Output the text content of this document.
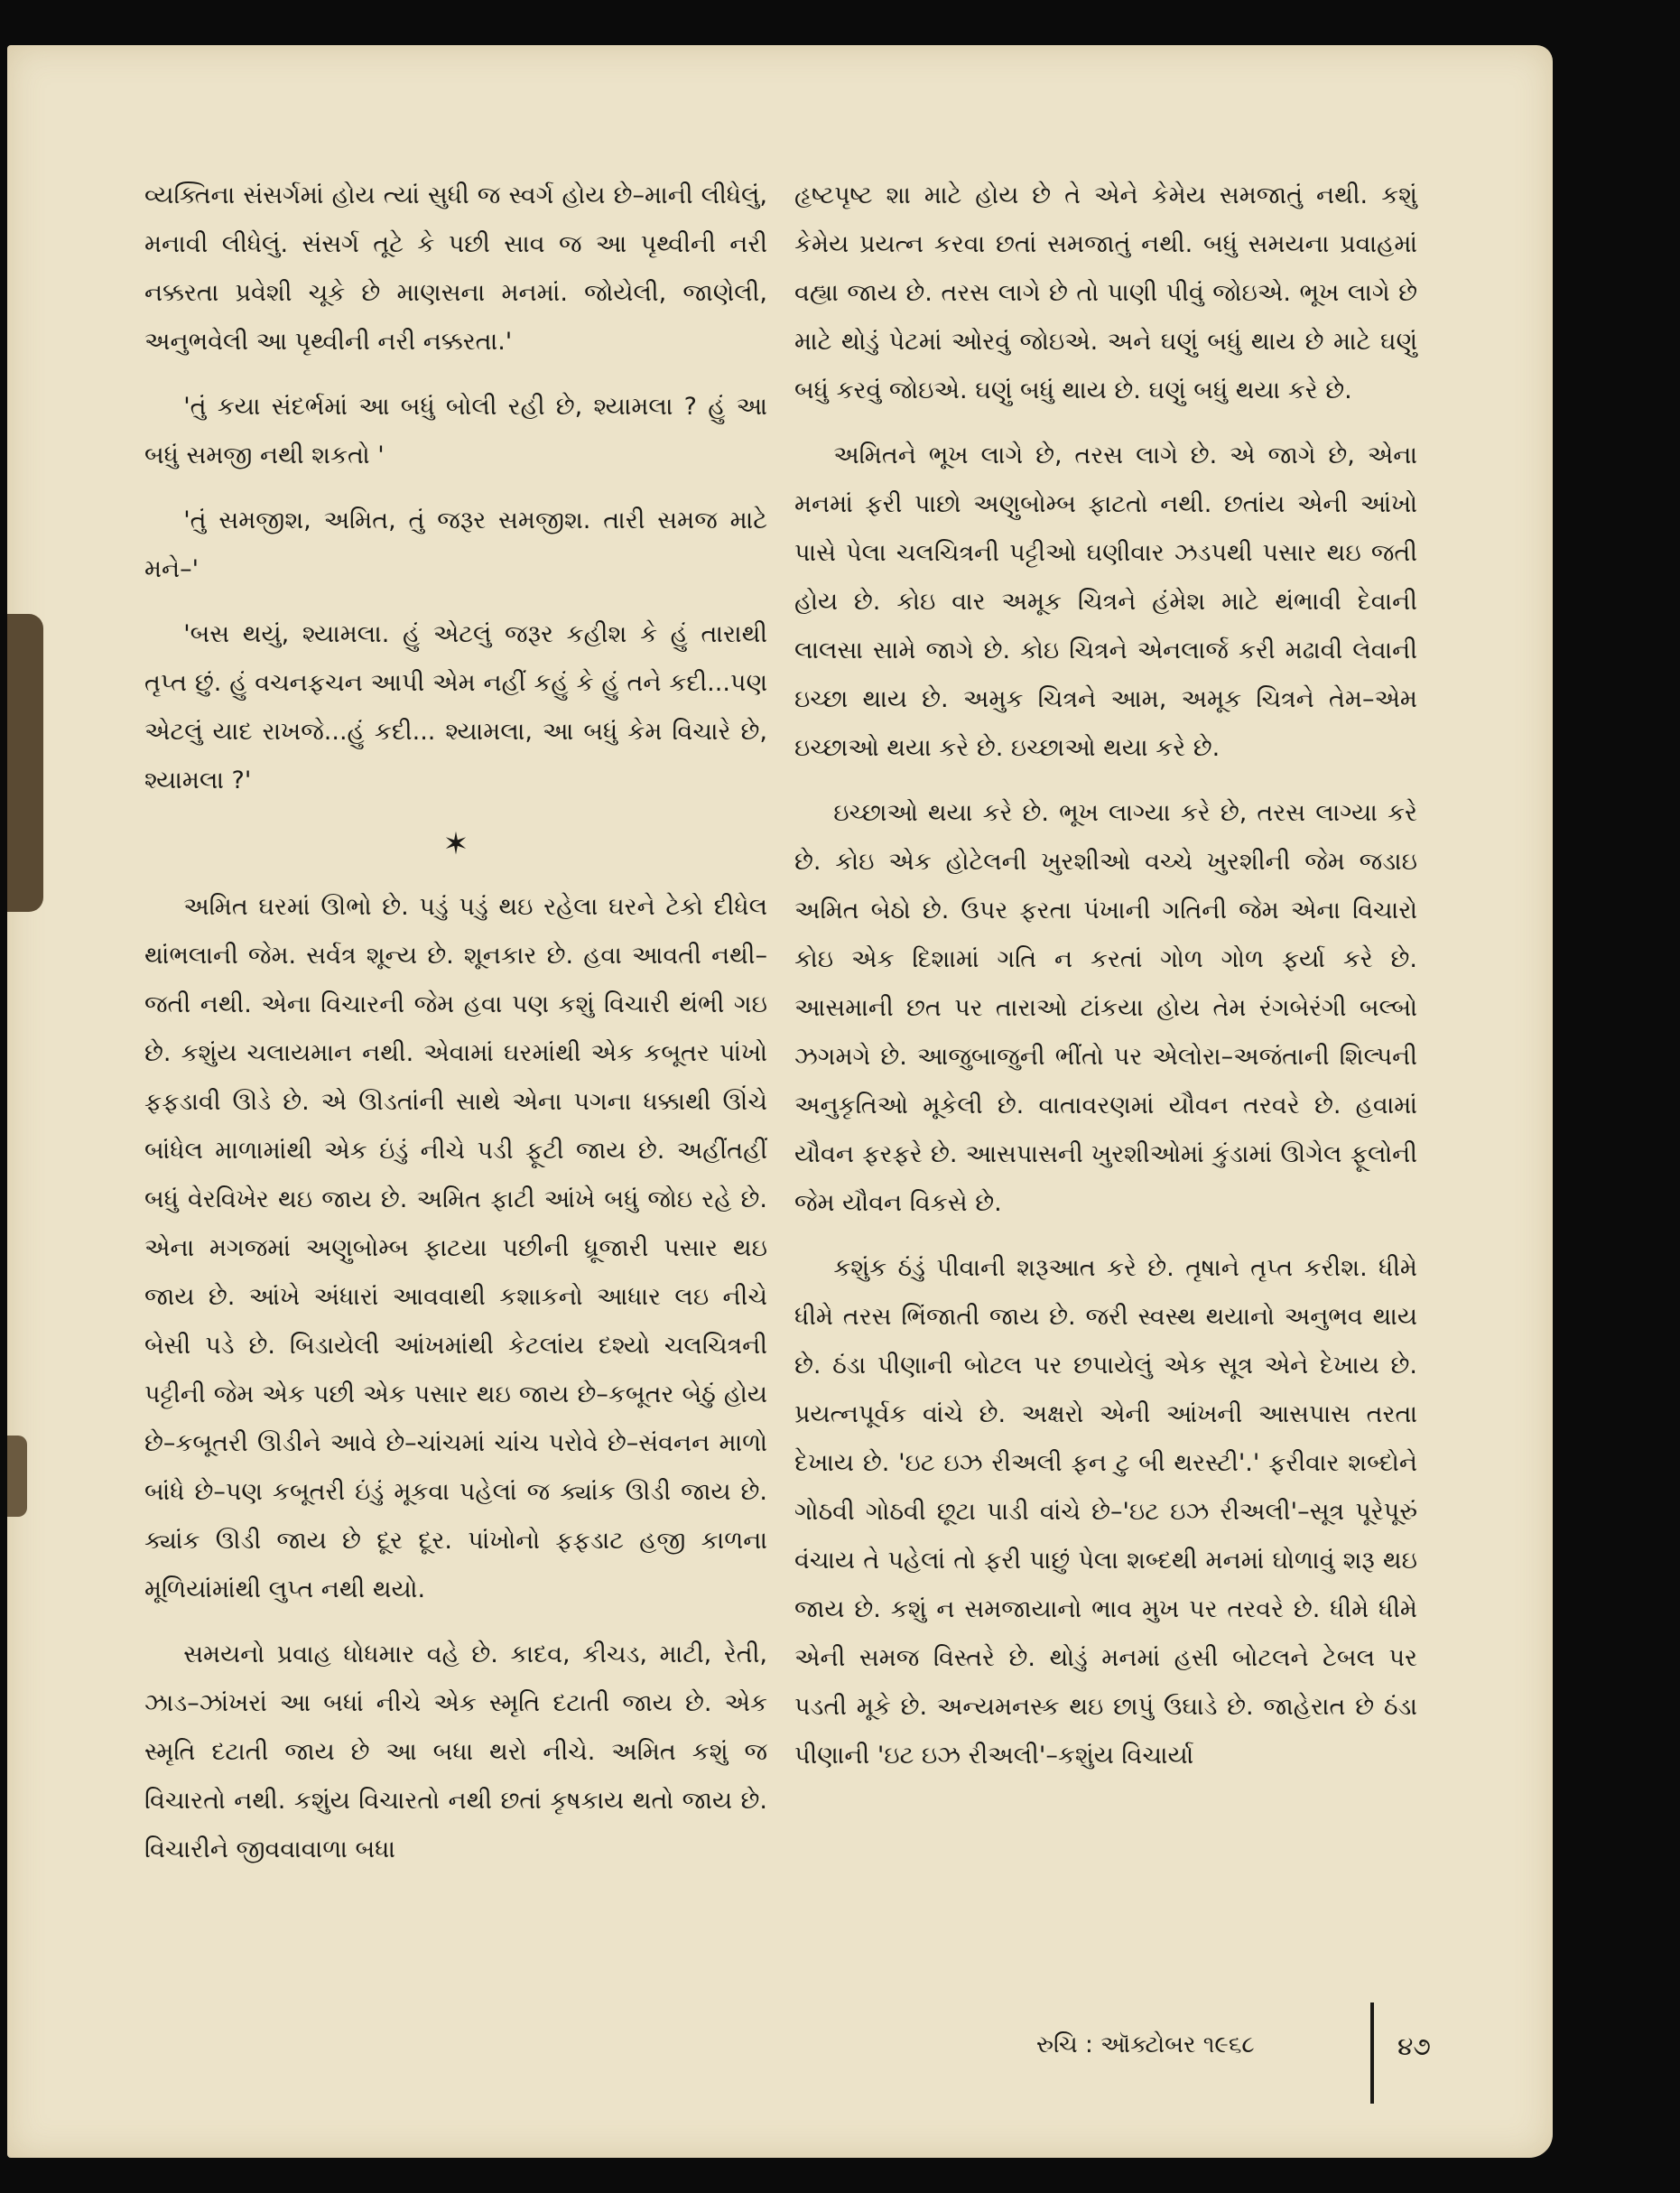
વ્યક્તિના સંસર્ગમાં હોય ત્યાં સુધી જ સ્વર્ગ હોય છે–માની લીધેલું, મનાવી લીધેલું. સંસર્ગ તૂટે કે પછી સાવ જ આ પૃથ્વીની નરી નક્કરતા પ્રવેશી ચૂકે છે માણસના મનમાં. જોયેલી, જાણેલી, અનુભવેલી આ પૃથ્વીની નરી નક્કરતા.'

'તું કયા સંદર્ભમાં આ બધું બોલી રહી છે, શ્યામલા ? હું આ બધું સમજી નથી શકતો '

'તું સમજીશ, અમિત, તું જરૂર સમજીશ. તારી સમજ માટે મને–'

'બસ થયું, શ્યામલા. હું એટલું જરૂર કહીશ કે હું તારાથી તૃપ્ત છું. હું વચનફચન આપી એમ નહીં કહું કે હું તને કદી...પણ એટલું યાદ રાખજે...હું કદી... શ્યામલા, આ બધું કેમ વિચારે છે, શ્યામલા ?'

✶

અમિત ઘરમાં ઊભો છે. પડું પડું થઇ રહેલા ઘરને ટેકો દીધેલ થાંભલાની જેમ. સર્વત્ર શૂન્ય છે. શૂનકાર છે. હવા આવતી નથી–જતી નથી. એના વિચારની જેમ હવા પણ કશું વિચારી થંભી ગઇ છે. કશુંય ચલાયમાન નથી. એવામાં ઘરમાંથી એક કબૂતર પાંખો ફફડાવી ઊડે છે. એ ઊડતાંની સાથે એના પગના ધક્કાથી ઊંચે બાંધેલ માળામાંથી એક ઇંડું નીચે પડી ફૂટી જાય છે. અહીંતહીં બધું વેરવિખેર થઇ જાય છે. અમિત ફાટી આંખે બધું જોઇ રહે છે. એના મગજમાં અણુબોમ્બ ફાટયા પછીની ધ્રૂજારી પસાર થઇ જાય છે. આંખે અંધારાં આવવાથી કશાકનો આધાર લઇ નીચે બેસી પડે છે. બિડાયેલી આંખમાંથી કેટલાંય દશ્યો ચલચિત્રની પટ્ટીની જેમ એક પછી એક પસાર થઇ જાય છે–કબૂતર બેઠું હોય છે–કબૂતરી ઊડીને આવે છે–ચાંચમાં ચાંચ પરોવે છે–સંવનન માળો બાંધે છે–પણ કબૂતરી ઇંડું મૂકવા પહેલાં જ ક્યાંક ઊડી જાય છે. ક્યાંક ઊડી જાય છે દૂર દૂર. પાંખોનો ફફડાટ હજી કાળના મૂળિયાંમાંથી લુપ્ત નથી થયો.

સમયનો પ્રવાહ ધોધમાર વહે છે. કાદવ, કીચડ, માટી, રેતી, ઝાડ–ઝાંખરાં આ બધાં નીચે એક સ્મૃતિ દટાતી જાય છે. એક સ્મૃતિ દટાતી જાય છે આ બધા થરો નીચે. અમિત કશું જ વિચારતો નથી. કશુંય વિચારતો નથી છતાં કૃષકાય થતો જાય છે. વિચારીને જીવવાવાળા બધા

હૃષ્ટપૃષ્ટ શા માટે હોય છે તે એને કેમેય સમજાતું નથી. કશું કેમેય પ્રયત્ન કરવા છતાં સમજાતું નથી. બધું સમયના પ્રવાહમાં વહ્યા જાય છે. તરસ લાગે છે તો પાણી પીવું જોઇએ. ભૂખ લાગે છે માટે થોડું પેટમાં ઓરવું જોઇએ. અને ઘણું બધું થાય છે માટે ઘણું બધું કરવું જોઇએ. ઘણું બધું થાય છે. ઘણું બધું થયા કરે છે.

અમિતને ભૂખ લાગે છે, તરસ લાગે છે. એ જાગે છે, એના મનમાં ફરી પાછો અણુબોમ્બ ફાટતો નથી. છતાંય એની આંખો પાસે પેલા ચલચિત્રની પટ્ટીઓ ઘણીવાર ઝડપથી પસાર થઇ જતી હોય છે. કોઇ વાર અમૂક ચિત્રને હંમેશ માટે થંભાવી દેવાની લાલસા સામે જાગે છે. કોઇ ચિત્રને એનલાર્જ કરી મઢાવી લેવાની ઇચ્છા થાય છે. અમુક ચિત્રને આમ, અમૂક ચિત્રને તેમ–એમ ઇચ્છાઓ થયા કરે છે. ઇચ્છાઓ થયા કરે છે.

ઇચ્છાઓ થયા કરે છે. ભૂખ લાગ્યા કરે છે, તરસ લાગ્યા કરે છે. કોઇ એક હોટેલની ખુરશીઓ વચ્ચે ખુરશીની જેમ જડાઇ અમિત બેઠો છે. ઉપર ફરતા પંખાની ગતિની જેમ એના વિચારો કોઇ એક દિશામાં ગતિ ન કરતાં ગોળ ગોળ ફર્યા કરે છે. આસમાની છત પર તારાઓ ટાંકયા હોય તેમ રંગબેરંગી બલ્બો ઝગમગે છે. આજુબાજુની ભીંતો પર એલોરા–અજંતાની શિલ્પની અનુકૃતિઓ મૂકેલી છે. વાતાવરણમાં યૌવન તરવરે છે. હવામાં યૌવન ફરફરે છે. આસપાસની ખુરશીઓમાં કુંડામાં ઊગેલ ફૂલોની જેમ યૌવન વિકસે છે.

કશુંક ઠંડું પીવાની શરૂઆત કરે છે. તૃષાને તૃપ્ત કરીશ. ધીમે ધીમે તરસ ભિંજાતી જાય છે. જરી સ્વસ્થ થયાનો અનુભવ થાય છે. ઠંડા પીણાની બોટલ પર છપાયેલું એક સૂત્ર એને દેખાય છે. પ્રયત્નપૂર્વક વાંચે છે. અક્ષરો એની આંખની આસપાસ તરતા દેખાય છે. 'ઇટ ઇઝ રીઅલી ફન ટુ બી થરસ્ટી'.' ફરીવાર શબ્દોને ગોઠવી ગોઠવી છૂટા પાડી વાંચે છે–'ઇટ ઇઝ રીઅલી'–સૂત્ર પૂરેપૂરું વંચાય તે પહેલાં તો ફરી પાછું પેલા શબ્દથી મનમાં ઘોળાવું શરૂ થઇ જાય છે. કશું ન સમજાયાનો ભાવ મુખ પર તરવરે છે. ધીમે ધીમે એની સમજ વિસ્તરે છે. થોડું મનમાં હસી બોટલને ટેબલ પર પડતી મૂકે છે. અન્યમનસ્ક થઇ છાપું ઉઘાડે છે. જાહેરાત છે ઠંડા પીણાની 'ઇટ ઇઝ રીઅલી'–કશુંય વિચાર્યા

રુચિ : ઑક્ટોબર ૧૯૬૮	૪૭
